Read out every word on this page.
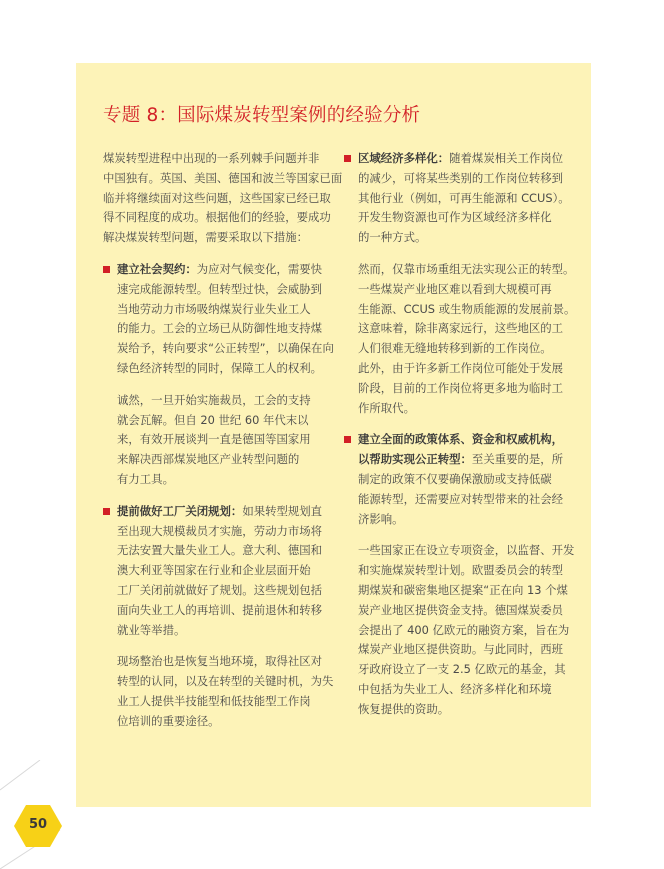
专题 8：国际煤炭转型案例的经验分析
煤炭转型进程中出现的一系列棘手问题并非
中国独有。英国、美国、德国和波兰等国家已面
临并将继续面对这些问题，这些国家已经已取
得不同程度的成功。根据他们的经验，要成功
解决煤炭转型问题，需要采取以下措施：
建立社会契约：为应对气候变化，需要快
速完成能源转型。但转型过快，会威胁到
当地劳动力市场吸纳煤炭行业失业工人
的能力。工会的立场已从防御性地支持煤
炭给予，转向要求“公正转型”，以确保在向
绿色经济转型的同时，保障工人的权利。
诚然，一旦开始实施裁员，工会的支持
就会瓦解。但自 20 世纪 60 年代末以
来，有效开展谈判一直是德国等国家用
来解决西部煤炭地区产业转型问题的
有力工具。
提前做好工厂关闭规划：如果转型规划直
至出现大规模裁员才实施，劳动力市场将
无法安置大量失业工人。意大利、德国和
澳大利亚等国家在行业和企业层面开始
工厂关闭前就做好了规划。这些规划包括
面向失业工人的再培训、提前退休和转移
就业等举措。
现场整治也是恢复当地环境，取得社区对
转型的认同，以及在转型的关键时机，为失
业工人提供半技能型和低技能型工作岗
位培训的重要途径。
区域经济多样化：随着煤炭相关工作岗位
的减少，可将某些类别的工作岗位转移到
其他行业（例如，可再生能源和 CCUS）。
开发生物资源也可作为区域经济多样化
的一种方式。
然而，仅靠市场重组无法实现公正的转型。
一些煤炭产业地区难以看到大规模可再
生能源、CCUS 或生物质能源的发展前景。
这意味着，除非离家远行，这些地区的工
人们很难无缝地转移到新的工作岗位。
此外，由于许多新工作岗位可能处于发展
阶段，目前的工作岗位将更多地为临时工
作所取代。
建立全面的政策体系、资金和权威机构，
以帮助实现公正转型：至关重要的是，所
制定的政策不仅要确保激励或支持低碳
能源转型，还需要应对转型带来的社会经
济影响。
一些国家正在设立专项资金，以监督、开发
和实施煤炭转型计划。欧盟委员会的转型
期煤炭和碳密集地区提案“正在向 13 个煤
炭产业地区提供资金支持。德国煤炭委员
会提出了 400 亿欧元的融资方案，旨在为
煤炭产业地区提供资助。与此同时，西班
牙政府设立了一支 2.5 亿欧元的基金，其
中包括为失业工人、经济多样化和环境
恢复提供的资助。
50
